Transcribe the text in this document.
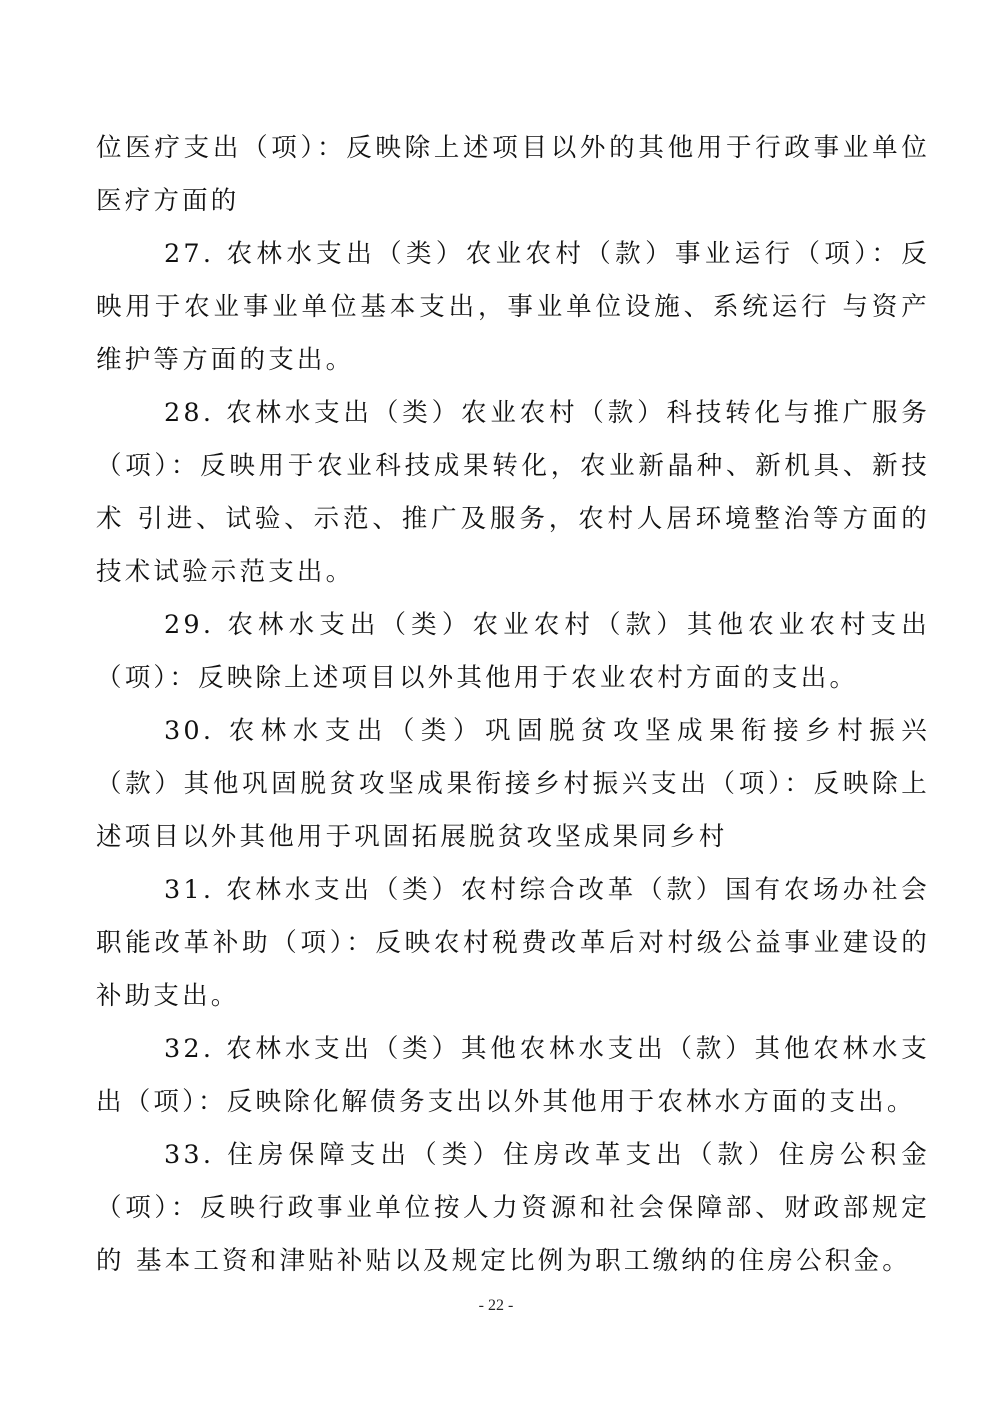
位医疗支出（项）：反映除上述项目以外的其他用于行政事业单位医疗方面的

27. 农林水支出（类）农业农村（款）事业运行（项）：反映用于农业事业单位基本支出，事业单位设施、系统运行 与资产维护等方面的支出。

28. 农林水支出（类）农业农村（款）科技转化与推广服务（项）：反映用于农业科技成果转化，农业新晶种、新机具、新技术 引进、试验、示范、推广及服务，农村人居环境整治等方面的 技术试验示范支出。

29. 农林水支出（类）农业农村（款）其他农业农村支出（项）：反映除上述项目以外其他用于农业农村方面的支出。

30. 农林水支出（类）巩固脱贫攻坚成果衔接乡村振兴（款）其他巩固脱贫攻坚成果衔接乡村振兴支出（项）：反映除上述项目以外其他用于巩固拓展脱贫攻坚成果同乡村

31. 农林水支出（类）农村综合改革（款）国有农场办社会职能改革补助（项）：反映农村税费改革后对村级公益事业建设的补助支出。

32. 农林水支出（类）其他农林水支出（款）其他农林水支出（项）：反映除化解债务支出以外其他用于农林水方面的支出。

33. 住房保障支出（类）住房改革支出（款）住房公积金（项）：反映行政事业单位按人力资源和社会保障部、财政部规定的 基本工资和津贴补贴以及规定比例为职工缴纳的住房公积金。

- 22 -
